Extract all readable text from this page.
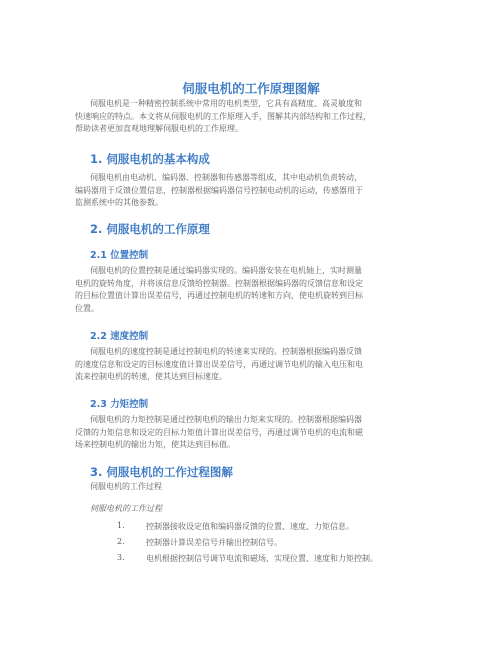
伺服电机的工作原理图解

伺服电机是一种精密控制系统中常用的电机类型，它具有高精度、高灵敏度和
快速响应的特点。本文将从伺服电机的工作原理入手，图解其内部结构和工作过程，
帮助读者更加直观地理解伺服电机的工作原理。

1. 伺服电机的基本构成

伺服电机由电动机、编码器、控制器和传感器等组成，其中电动机负责转动，
编码器用于反馈位置信息，控制器根据编码器信号控制电动机的运动，传感器用于
监测系统中的其他参数。

2. 伺服电机的工作原理
2.1 位置控制

伺服电机的位置控制是通过编码器实现的。编码器安装在电机轴上，实时测量
电机的旋转角度，并将该信息反馈给控制器。控制器根据编码器的反馈信息和设定
的目标位置值计算出误差信号，再通过控制电机的转速和方向，使电机旋转到目标
位置。

2.2 速度控制

伺服电机的速度控制是通过控制电机的转速来实现的。控制器根据编码器反馈
的速度信息和设定的目标速度值计算出误差信号，再通过调节电机的输入电压和电
流来控制电机的转速，使其达到目标速度。

2.3 力矩控制

伺服电机的力矩控制是通过控制电机的输出力矩来实现的。控制器根据编码器
反馈的力矩信息和设定的目标力矩值计算出误差信号，再通过调节电机的电流和磁
场来控制电机的输出力矩，使其达到目标值。

3. 伺服电机的工作过程图解
伺服电机的工作过程
伺服电机的工作过程
1.	控制器接收设定值和编码器反馈的位置、速度、力矩信息。
2.	控制器计算误差信号并输出控制信号。
3.	电机根据控制信号调节电流和磁场，实现位置、速度和力矩控制。
